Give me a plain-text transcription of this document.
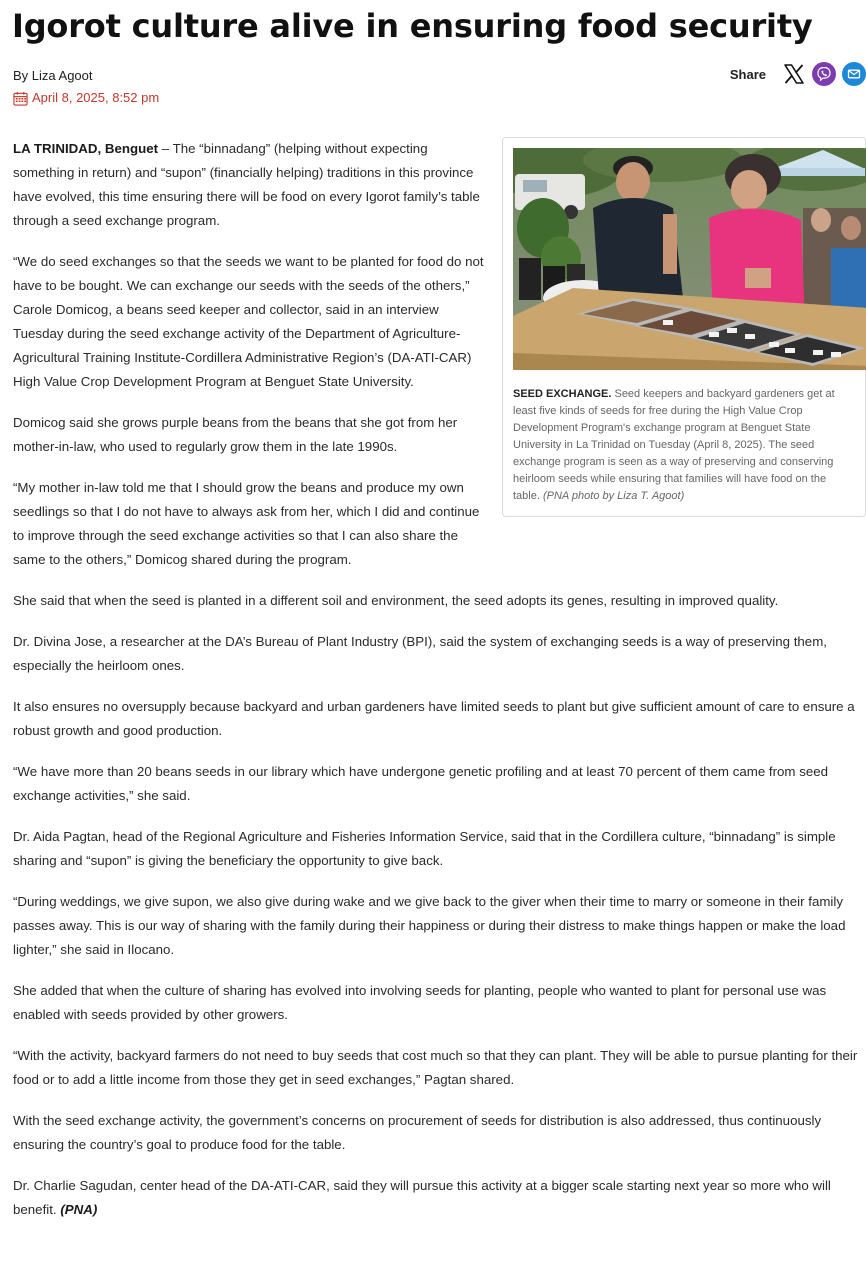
Igorot culture alive in ensuring food security
By Liza Agoot
April 8, 2025, 8:52 pm
Share
SEED EXCHANGE. Seed keepers and backyard gardeners get at least five kinds of seeds for free during the High Value Crop Development Program's exchange program at Benguet State University in La Trinidad on Tuesday (April 8, 2025). The seed exchange program is seen as a way of preserving and conserving heirloom seeds while ensuring that families will have food on the table. (PNA photo by Liza T. Agoot)

LA TRINIDAD, Benguet – The “binnadang” (helping without expecting something in return) and “supon” (financially helping) traditions in this province have evolved, this time ensuring there will be food on every Igorot family’s table through a seed exchange program.

“We do seed exchanges so that the seeds we want to be planted for food do not have to be bought. We can exchange our seeds with the seeds of the others,” Carole Domicog, a beans seed keeper and collector, said in an interview Tuesday during the seed exchange activity of the Department of Agriculture-Agricultural Training Institute-Cordillera Administrative Region’s (DA-ATI-CAR) High Value Crop Development Program at Benguet State University.

Domicog said she grows purple beans from the beans that she got from her mother-in-law, who used to regularly grow them in the late 1990s.

“My mother in-law told me that I should grow the beans and produce my own seedlings so that I do not have to always ask from her, which I did and continue to improve through the seed exchange activities so that I can also share the same to the others,” Domicog shared during the program.

She said that when the seed is planted in a different soil and environment, the seed adopts its genes, resulting in improved quality.

Dr. Divina Jose, a researcher at the DA’s Bureau of Plant Industry (BPI), said the system of exchanging seeds is a way of preserving them, especially the heirloom ones.

It also ensures no oversupply because backyard and urban gardeners have limited seeds to plant but give sufficient amount of care to ensure a robust growth and good production.

“We have more than 20 beans seeds in our library which have undergone genetic profiling and at least 70 percent of them came from seed exchange activities,” she said.

Dr. Aida Pagtan, head of the Regional Agriculture and Fisheries Information Service, said that in the Cordillera culture, “binnadang” is simple sharing and “supon” is giving the beneficiary the opportunity to give back.

“During weddings, we give supon, we also give during wake and we give back to the giver when their time to marry or someone in their family passes away. This is our way of sharing with the family during their happiness or during their distress to make things happen or make the load lighter,” she said in Ilocano.

She added that when the culture of sharing has evolved into involving seeds for planting, people who wanted to plant for personal use was enabled with seeds provided by other growers.

“With the activity, backyard farmers do not need to buy seeds that cost much so that they can plant. They will be able to pursue planting for their food or to add a little income from those they get in seed exchanges,” Pagtan shared.

With the seed exchange activity, the government’s concerns on procurement of seeds for distribution is also addressed, thus continuously ensuring the country’s goal to produce food for the table.

Dr. Charlie Sagudan, center head of the DA-ATI-CAR, said they will pursue this activity at a bigger scale starting next year so more who will benefit. (PNA)
